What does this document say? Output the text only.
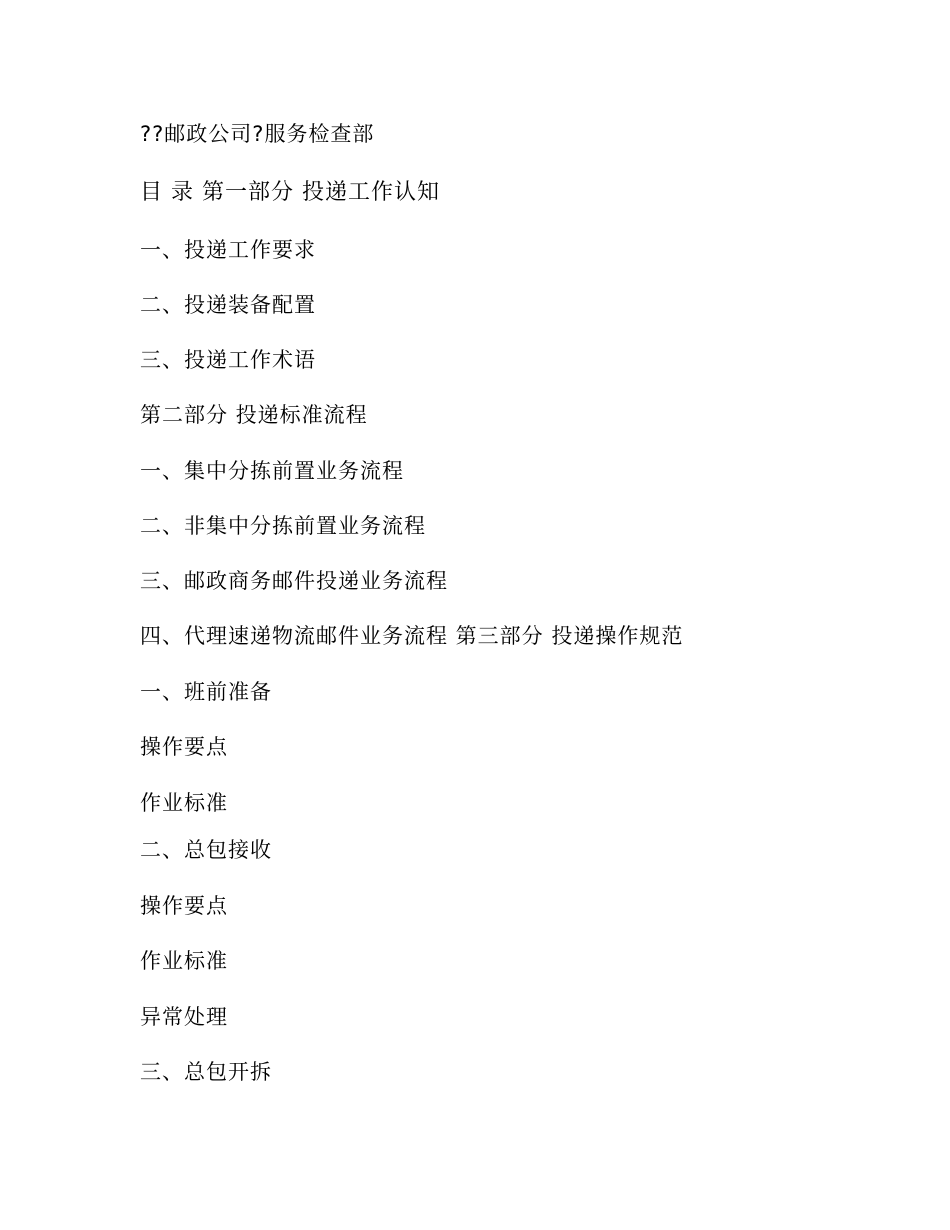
??邮政公司?服务检查部
目 录 第一部分 投递工作认知
一、投递工作要求
二、投递装备配置
三、投递工作术语
第二部分 投递标准流程
一、集中分拣前置业务流程
二、非集中分拣前置业务流程
三、邮政商务邮件投递业务流程
四、代理速递物流邮件业务流程 第三部分 投递操作规范
一、班前准备
操作要点
作业标准
二、总包接收
操作要点
作业标准
异常处理
三、总包开拆
